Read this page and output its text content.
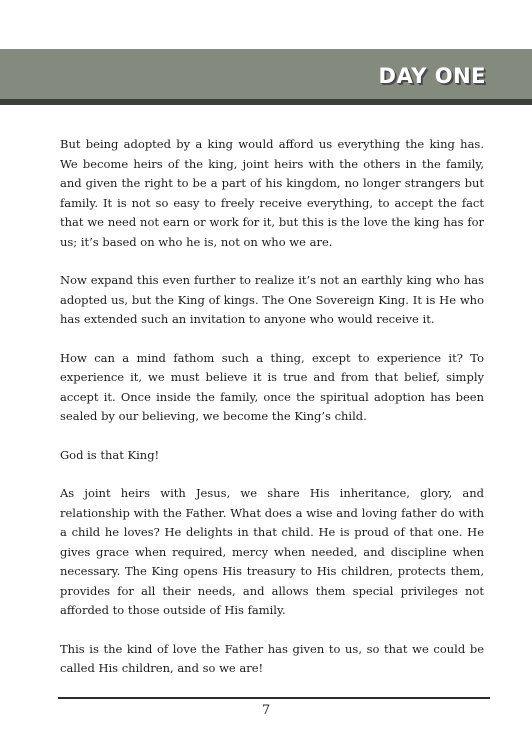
DAY ONE

But being adopted by a king would afford us everything the king has. We become heirs of the king, joint heirs with the others in the family, and given the right to be a part of his kingdom, no longer strangers but family. It is not so easy to freely receive everything, to accept the fact that we need not earn or work for it, but this is the love the king has for us; it’s based on who he is, not on who we are.

Now expand this even further to realize it’s not an earthly king who has adopted us, but the King of kings. The One Sovereign King. It is He who has extended such an invitation to anyone who would receive it.

How can a mind fathom such a thing, except to experience it? To experience it, we must believe it is true and from that belief, simply accept it. Once inside the family, once the spiritual adoption has been sealed by our believing, we become the King’s child.

God is that King!

As joint heirs with Jesus, we share His inheritance, glory, and relationship with the Father. What does a wise and loving father do with a child he loves? He delights in that child. He is proud of that one. He gives grace when required, mercy when needed, and discipline when necessary. The King opens His treasury to His children, protects them, provides for all their needs, and allows them special privileges not afforded to those outside of His family.

This is the kind of love the Father has given to us, so that we could be called His children, and so we are!

7
